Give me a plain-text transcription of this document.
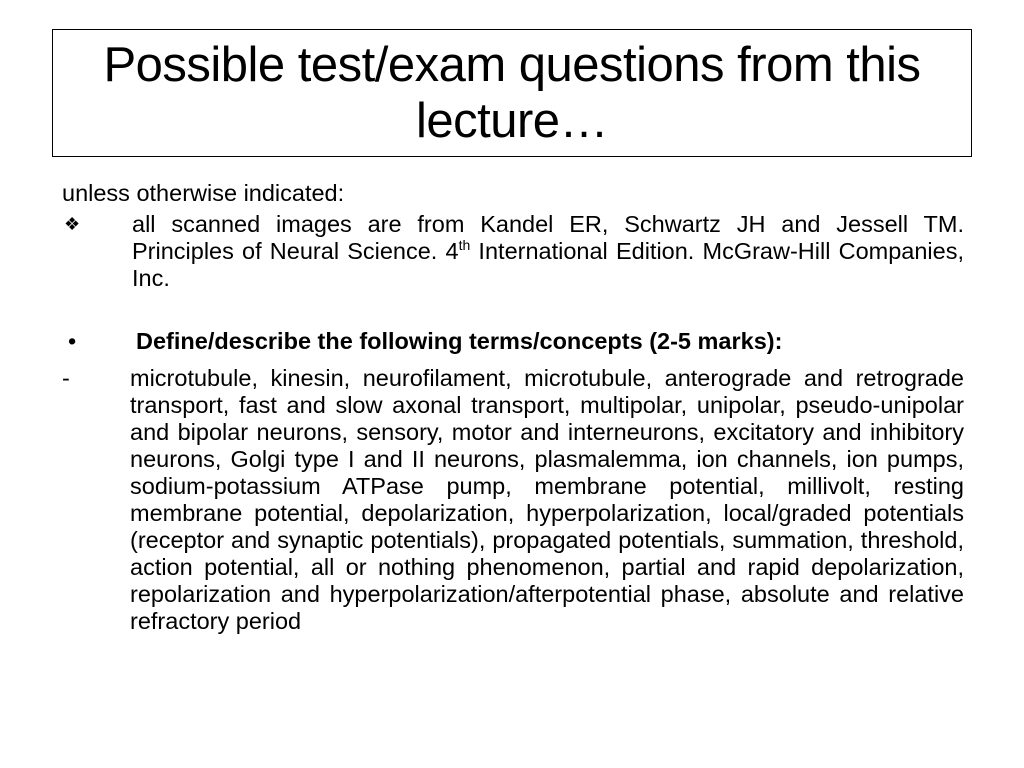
Possible test/exam questions from this lecture…
unless otherwise indicated:
❖	all scanned images are from Kandel ER, Schwartz JH and Jessell TM. Principles of Neural Science. 4th International Edition. McGraw-Hill Companies, Inc.
•	Define/describe the following terms/concepts (2-5 marks):
-	microtubule, kinesin, neurofilament, microtubule, anterograde and retrograde transport, fast and slow axonal transport, multipolar, unipolar, pseudo-unipolar and bipolar neurons, sensory, motor and interneurons, excitatory and inhibitory neurons, Golgi type I and II neurons, plasmalemma, ion channels, ion pumps, sodium-potassium ATPase pump, membrane potential, millivolt, resting membrane potential, depolarization, hyperpolarization, local/graded potentials (receptor and synaptic potentials), propagated potentials, summation, threshold, action potential, all or nothing phenomenon, partial and rapid depolarization, repolarization and hyperpolarization/afterpotential phase, absolute and relative refractory period
